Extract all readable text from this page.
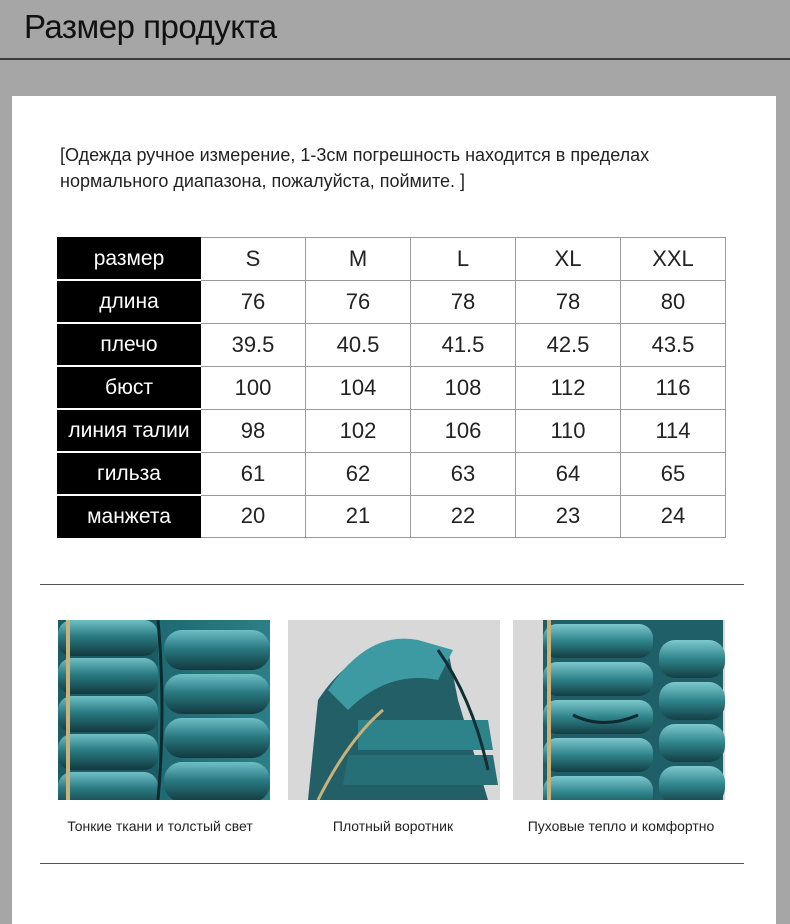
Размер продукта
[Одежда ручное измерение, 1-3см погрешность находится в пределах нормального диапазона, пожалуйста, поймите. ]
размер	S	M	L	XL	XXL
длина	76	76	78	78	80
плечо	39.5	40.5	41.5	42.5	43.5
бюст	100	104	108	112	116
линия талии	98	102	106	110	114
гильза	61	62	63	64	65
манжета	20	21	22	23	24
Тонкие ткани и толстый свет	Плотный воротник	Пуховые тепло и комфортно
